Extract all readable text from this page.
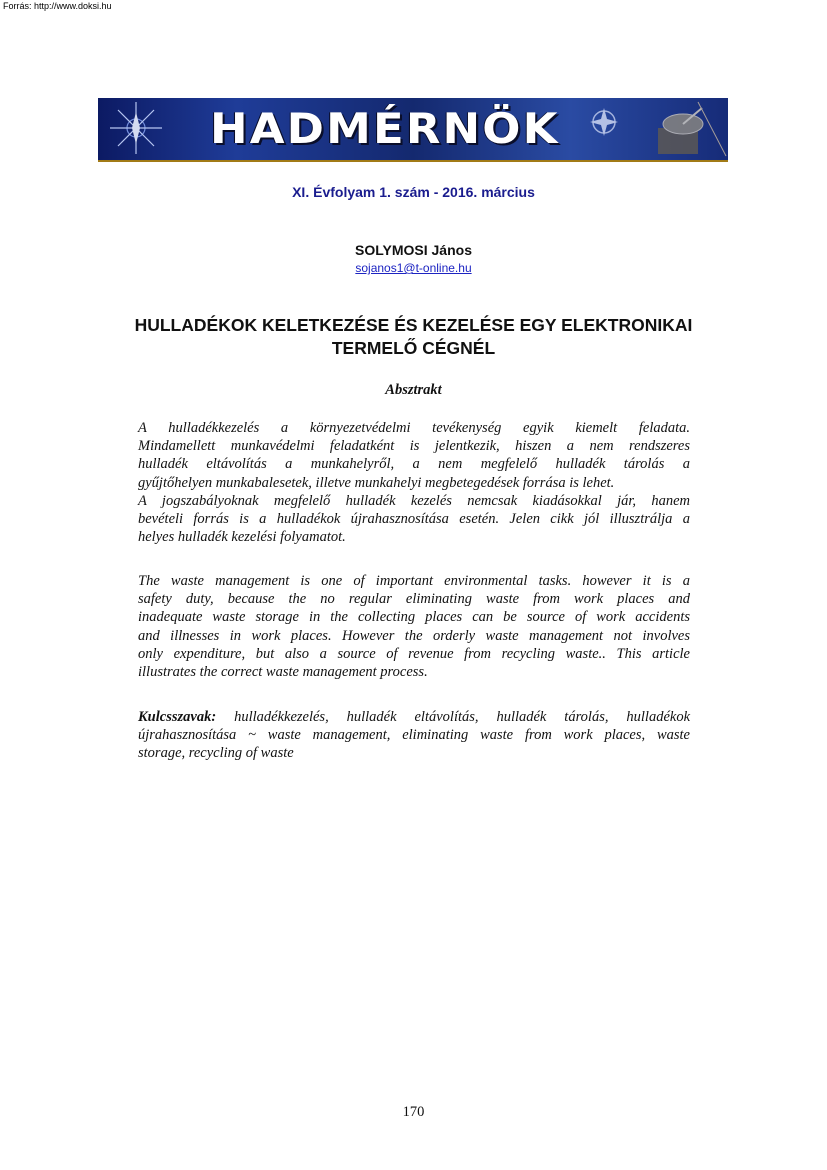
Forrás: http://www.doksi.hu
HADMÉRNÖK
XI. Évfolyam 1. szám - 2016. március
SOLYMOSI János
sojanos1@t-online.hu
HULLADÉKOK KELETKEZÉSE ÉS KEZELÉSE EGY ELEKTRONIKAI
TERMELŐ CÉGNÉL
Absztrakt
A hulladékkezelés a környezetvédelmi tevékenység egyik kiemelt feladata.
Mindamellett munkavédelmi feladatként is jelentkezik, hiszen a nem rendszeres
hulladék eltávolítás a munkahelyről, a nem megfelelő hulladék tárolás a
gyűjtőhelyen munkabalesetek, illetve munkahelyi megbetegedések forrása is lehet.
A jogszabályoknak megfelelő hulladék kezelés nemcsak kiadásokkal jár, hanem
bevételi forrás is a hulladékok újrahasznosítása esetén. Jelen cikk jól illusztrálja a
helyes hulladék kezelési folyamatot.
The waste management is one of important environmental tasks. however it is a
safety duty, because the no regular eliminating waste from work places and
inadequate waste storage in the collecting places can be source of work accidents
and illnesses in work places. However the orderly waste management not involves
only expenditure, but also a source of revenue from recycling waste.. This article
illustrates the correct waste management process.
Kulcsszavak: hulladékkezelés, hulladék eltávolítás, hulladék tárolás, hulladékok
újrahasznosítása ~ waste management, eliminating waste from work places, waste
storage, recycling of waste
170
